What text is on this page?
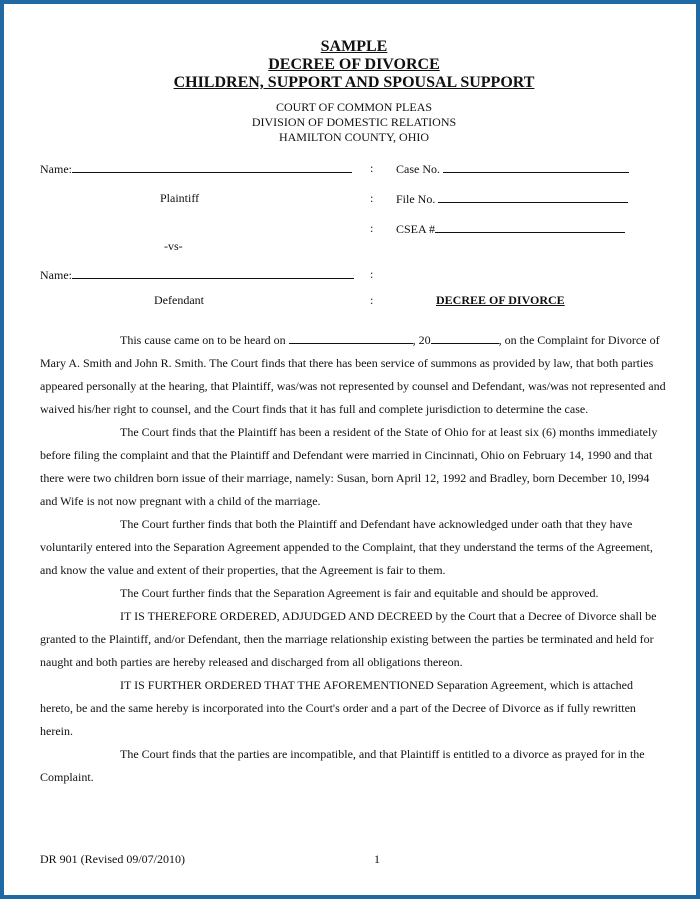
SAMPLE
DECREE OF DIVORCE
CHILDREN, SUPPORT AND SPOUSAL SUPPORT
COURT OF COMMON PLEAS
DIVISION OF DOMESTIC RELATIONS
HAMILTON COUNTY, OHIO
Name:	: Case No.
Plaintiff	: File No.
: CSEA #
-vs-
Name:	:
Defendant	:	DECREE OF DIVORCE

This cause came on to be heard on	, 20	, on the Complaint for Divorce of Mary A. Smith and John R. Smith. The Court finds that there has been service of summons as provided by law, that both parties appeared personally at the hearing, that Plaintiff, was/was not represented by counsel and Defendant, was/was not represented and waived his/her right to counsel, and the Court finds that it has full and complete jurisdiction to determine the case.

The Court finds that the Plaintiff has been a resident of the State of Ohio for at least six (6) months immediately before filing the complaint and that the Plaintiff and Defendant were married in Cincinnati, Ohio on February 14, 1990 and that there were two children born issue of their marriage, namely: Susan, born April 12, 1992 and Bradley, born December 10, l994 and Wife is not now pregnant with a child of the marriage.

The Court further finds that both the Plaintiff and Defendant have acknowledged under oath that they have voluntarily entered into the Separation Agreement appended to the Complaint, that they understand the terms of the Agreement, and know the value and extent of their properties, that the Agreement is fair to them.

The Court further finds that the Separation Agreement is fair and equitable and should be approved.

IT IS THEREFORE ORDERED, ADJUDGED AND DECREED by the Court that a Decree of Divorce shall be granted to the Plaintiff, and/or Defendant, then the marriage relationship existing between the parties be terminated and held for naught and both parties are hereby released and discharged from all obligations thereon.

IT IS FURTHER ORDERED THAT THE AFOREMENTIONED Separation Agreement, which is attached hereto, be and the same hereby is incorporated into the Court's order and a part of the Decree of Divorce as if fully rewritten herein.

The Court finds that the parties are incompatible, and that Plaintiff is entitled to a divorce as prayed for in the Complaint.

DR 901 (Revised 09/07/2010)	1
